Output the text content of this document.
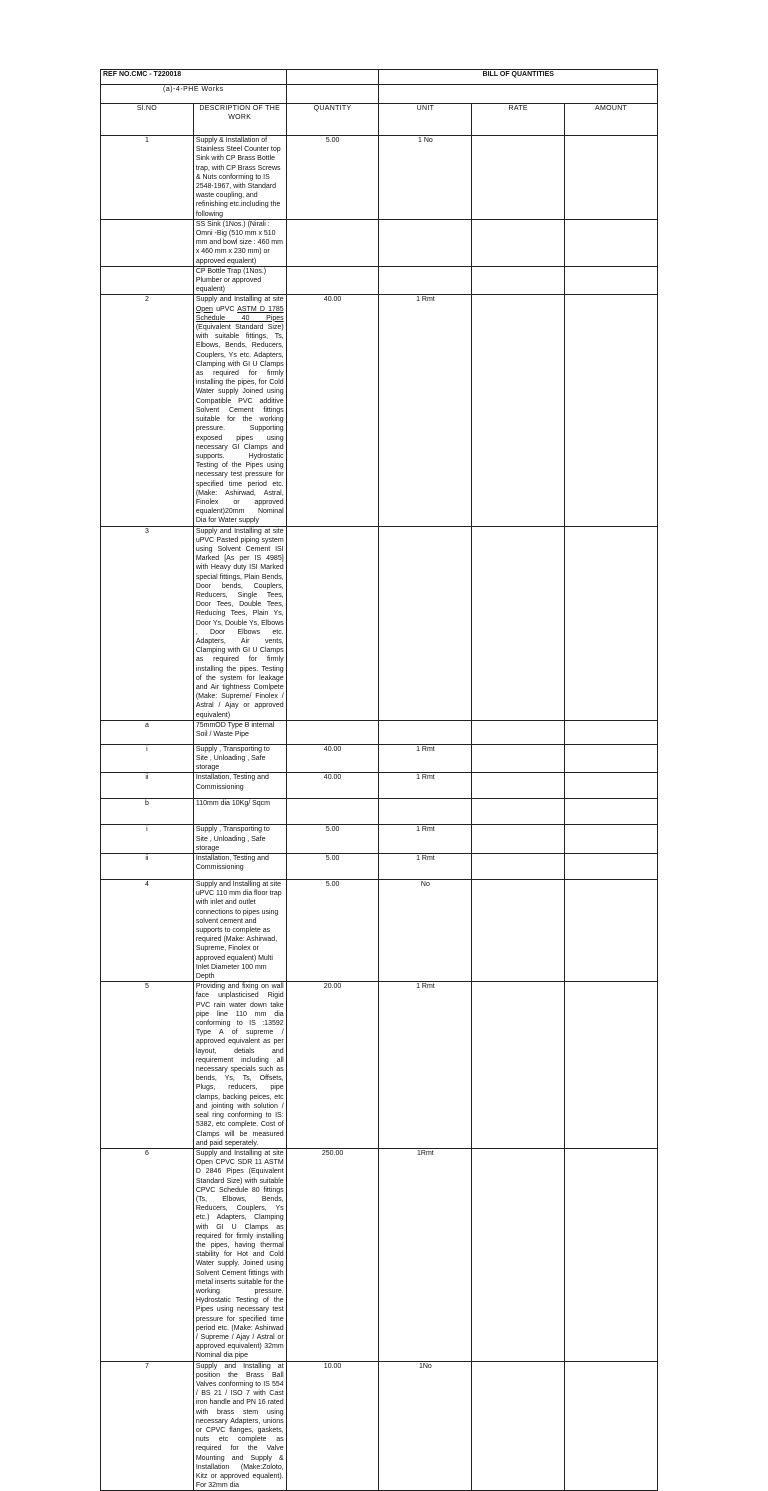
REF NO.CMC - T220018			BILL OF QUANTITIES		
(a)-4-PHE Works					
Sl.NO	DESCRIPTION OF THE WORK	QUANTITY	UNIT	RATE	AMOUNT
1	Supply & Installation of Stainless Steel Counter top Sink with CP Brass Bottle trap, with CP Brass Screws & Nuts conforming to IS 2548-1967, with Standard waste coupling, and refinishing etc.including the following	5.00	1 No		
	SS Sink (1Nos.) (Nirali : Omni -Big (510 mm x 510 mm and bowl size : 460 mm x 460 mm x 230 mm) or approved equalent)				
	CP Bottle Trap (1Nos.) Plumber or approved equalent)				
2	Supply and Installing at site Open uPVC ASTM D 1785 Schedule 40 Pipes (Equivalent Standard Size) with suitable fittings, Ts, Elbows, Bends, Reducers, Couplers, Ys etc. Adapters, Clamping with GI U Clamps as required for firmly installing the pipes, for Cold Water supply Joined using Compatible PVC additive Solvent Cement fittings suitable for the working pressure. Supporting exposed pipes using necessary GI Clamps and supports. Hydrostatic Testing of the Pipes using necessary test pressure for specified time period etc. (Make: Ashirwad, Astral, Finolex or approved equalent)20mm Nominal Dia for Water supply	40.00	1 Rmt		
3	Supply and Installing at site uPVC Pasted piping system using Solvent Cement ISI Marked [As per IS 4985] with Heavy duty ISI Marked special fittings, Plain Bends, Door bends, Couplers, Reducers, Single Tees, Door Tees, Double Tees, Reducing Tees, Plain Ys, Door Ys, Double Ys, Elbows , Door Elbows etc. Adapters, Air vents, Clamping with GI U Clamps as required for firmly installing the pipes. Testing of the system for leakage and Air tightness Comlpete (Make: Supreme/ Finolex / Astral / Ajay or approved equivalent)				
a	75mmOD Type B internal Soil / Waste Pipe				
i	Supply , Transporting to Site , Unloading , Safe storage	40.00	1 Rmt		
ii	Installation, Testing and Commissioning	40.00	1 Rmt		
b	110mm dia 10Kg/ Sqcm				
i	Supply , Transporting to Site , Unloading , Safe storage	5.00	1 Rmt		
ii	Installation, Testing and Commissioning	5.00	1 Rmt		
4	Supply and Installing at site uPVC 110 mm dia floor trap with inlet and outlet connections to pipes using solvent cement and supports to complete as required (Make: Ashirwad, Supreme, Finolex or approved equalent) Multi Inlet Diameter 100 mm Depth	5.00	No		
5	Providing and fixing on wall face unplasticised Rigid PVC rain water down take pipe line 110 mm dia conforming to IS :13592 Type A of supreme / approved equivalent as per layout, detials and requirement including all necessary specials such as bends, Ys, Ts, Offsets, Plugs, reducers, pipe clamps, backing peices, etc and jointing with solution / seal ring conforming to IS: 5382, etc complete. Cost of Clamps will be measured and paid seperately.	20.00	1 Rmt		
6	Supply and Installing at site Open CPVC SDR 11 ASTM D 2846 Pipes (Equivalent Standard Size) with suitable CPVC Schedule 80 fittings (Ts, Elbows, Bends, Reducers, Couplers, Ys etc.) Adapters, Clamping with GI U Clamps as required for firmly installing the pipes, having thermal stability for Hot and Cold Water supply. Joined using Solvent Cement fittings with metal inserts suitable for the working pressure. Hydrostatic Testing of the Pipes using necessary test pressure for specified time period etc. (Make: Ashirwad / Supreme / Ajay / Astral or approved equivalent) 32mm Nominal dia pipe	250.00	1Rmt		
7	Supply and Installing at position the Brass Ball Valves conforming to IS 554 / BS 21 / ISO 7 with Cast iron handle and PN 16 rated with brass stem using necessary Adapters, unions or CPVC flanges, gaskets, nuts etc complete as required for the Valve Mounting and Supply & Installation (Make:Zoloto, Kitz or approved equalent). For 32mm dia	10.00	1No		
